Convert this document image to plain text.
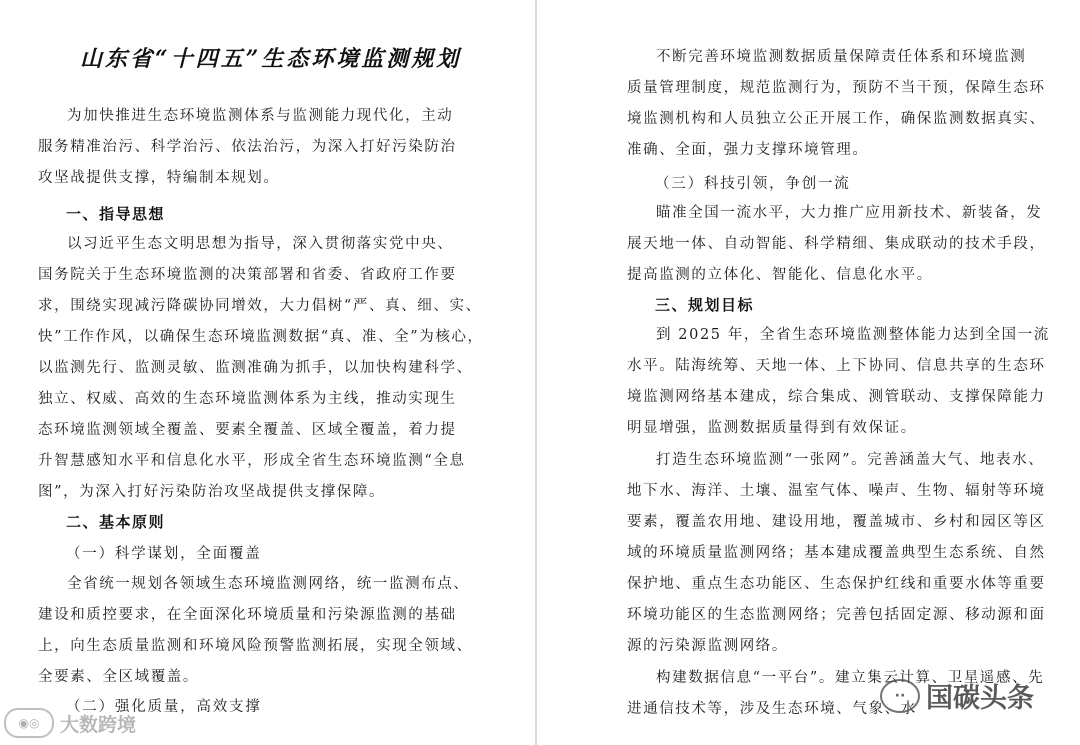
山东省“十四五”生态环境监测规划
为加快推进生态环境监测体系与监测能力现代化，主动
服务精准治污、科学治污、依法治污，为深入打好污染防治
攻坚战提供支撑，特编制本规划。
一、指导思想
以习近平生态文明思想为指导，深入贯彻落实党中央、
国务院关于生态环境监测的决策部署和省委、省政府工作要
求，围绕实现减污降碳协同增效，大力倡树“严、真、细、实、
快”工作作风，以确保生态环境监测数据“真、准、全”为核心，
以监测先行、监测灵敏、监测准确为抓手，以加快构建科学、
独立、权威、高效的生态环境监测体系为主线，推动实现生
态环境监测领域全覆盖、要素全覆盖、区域全覆盖，着力提
升智慧感知水平和信息化水平，形成全省生态环境监测“全息
图”，为深入打好污染防治攻坚战提供支撑保障。
二、基本原则
（一）科学谋划，全面覆盖
全省统一规划各领域生态环境监测网络，统一监测布点、
建设和质控要求，在全面深化环境质量和污染源监测的基础
上，向生态质量监测和环境风险预警监测拓展，实现全领域、
全要素、全区域覆盖。
（二）强化质量，高效支撑
◉◎	大数跨境
不断完善环境监测数据质量保障责任体系和环境监测
质量管理制度，规范监测行为，预防不当干预，保障生态环
境监测机构和人员独立公正开展工作，确保监测数据真实、
准确、全面，强力支撑环境管理。
（三）科技引领，争创一流
瞄准全国一流水平，大力推广应用新技术、新装备，发
展天地一体、自动智能、科学精细、集成联动的技术手段，
提高监测的立体化、智能化、信息化水平。
三、规划目标
到 2025 年，全省生态环境监测整体能力达到全国一流
水平。陆海统筹、天地一体、上下协同、信息共享的生态环
境监测网络基本建成，综合集成、测管联动、支撑保障能力
明显增强，监测数据质量得到有效保证。
打造生态环境监测“一张网”。完善涵盖大气、地表水、
地下水、海洋、土壤、温室气体、噪声、生物、辐射等环境
要素，覆盖农用地、建设用地，覆盖城市、乡村和园区等区
域的环境质量监测网络；基本建成覆盖典型生态系统、自然
保护地、重点生态功能区、生态保护红线和重要水体等重要
环境功能区的生态监测网络；完善包括固定源、移动源和面
源的污染源监测网络。
构建数据信息“一平台”。建立集云计算、卫星遥感、先
进通信技术等，涉及生态环境、气象、水
∙∙ 国碳头条
